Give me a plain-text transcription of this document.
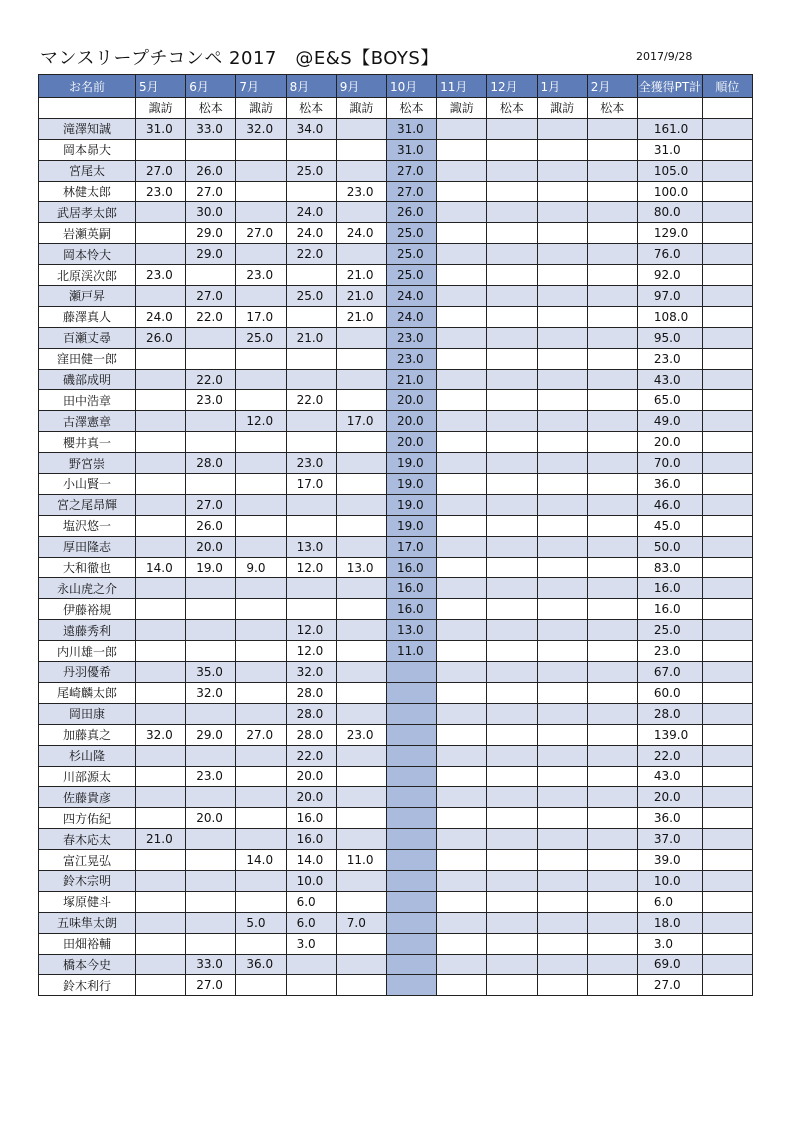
マンスリープチコンペ 2017　@E&S【BOYS】	2017/9/28
お名前	5月	6月	7月	8月	9月	10月	11月	12月	1月	2月	全獲得PT計	順位
	諏訪	松本	諏訪	松本	諏訪	松本	諏訪	松本	諏訪	松本		
滝澤知誠	31.0	33.0	32.0	34.0		31.0					161.0	
岡本昴大						31.0					31.0	
宮尾太	27.0	26.0		25.0		27.0					105.0	
林健太郎	23.0	27.0			23.0	27.0					100.0	
武居孝太郎		30.0		24.0		26.0					80.0	
岩瀬英嗣		29.0	27.0	24.0	24.0	25.0					129.0	
岡本怜大		29.0		22.0		25.0					76.0	
北原渓次郎	23.0		23.0		21.0	25.0					92.0	
瀬戸昇		27.0		25.0	21.0	24.0					97.0	
藤澤真人	24.0	22.0	17.0		21.0	24.0					108.0	
百瀬丈尋	26.0		25.0	21.0		23.0					95.0	
窪田健一郎						23.0					23.0	
磯部成明		22.0				21.0					43.0	
田中浩章		23.0		22.0		20.0					65.0	
古澤憲章			12.0		17.0	20.0					49.0	
櫻井真一						20.0					20.0	
野宮崇		28.0		23.0		19.0					70.0	
小山賢一				17.0		19.0					36.0	
宮之尾昂輝		27.0				19.0					46.0	
塩沢悠一		26.0				19.0					45.0	
厚田隆志		20.0		13.0		17.0					50.0	
大和徹也	14.0	19.0	9.0	12.0	13.0	16.0					83.0	
永山虎之介						16.0					16.0	
伊藤裕規						16.0					16.0	
遠藤秀利				12.0		13.0					25.0	
内川雄一郎				12.0		11.0					23.0	
丹羽優希		35.0		32.0							67.0	
尾崎麟太郎		32.0		28.0							60.0	
岡田康				28.0							28.0	
加藤真之	32.0	29.0	27.0	28.0	23.0						139.0	
杉山隆				22.0							22.0	
川部源太		23.0		20.0							43.0	
佐藤貴彦				20.0							20.0	
四方佑紀		20.0		16.0							36.0	
春木応太	21.0			16.0							37.0	
富江晃弘			14.0	14.0	11.0						39.0	
鈴木宗明				10.0							10.0	
塚原健斗				6.0							6.0	
五味隼太朗			5.0	6.0	7.0						18.0	
田畑裕輔				3.0							3.0	
橋本今史		33.0	36.0								69.0	
鈴木利行		27.0									27.0	
